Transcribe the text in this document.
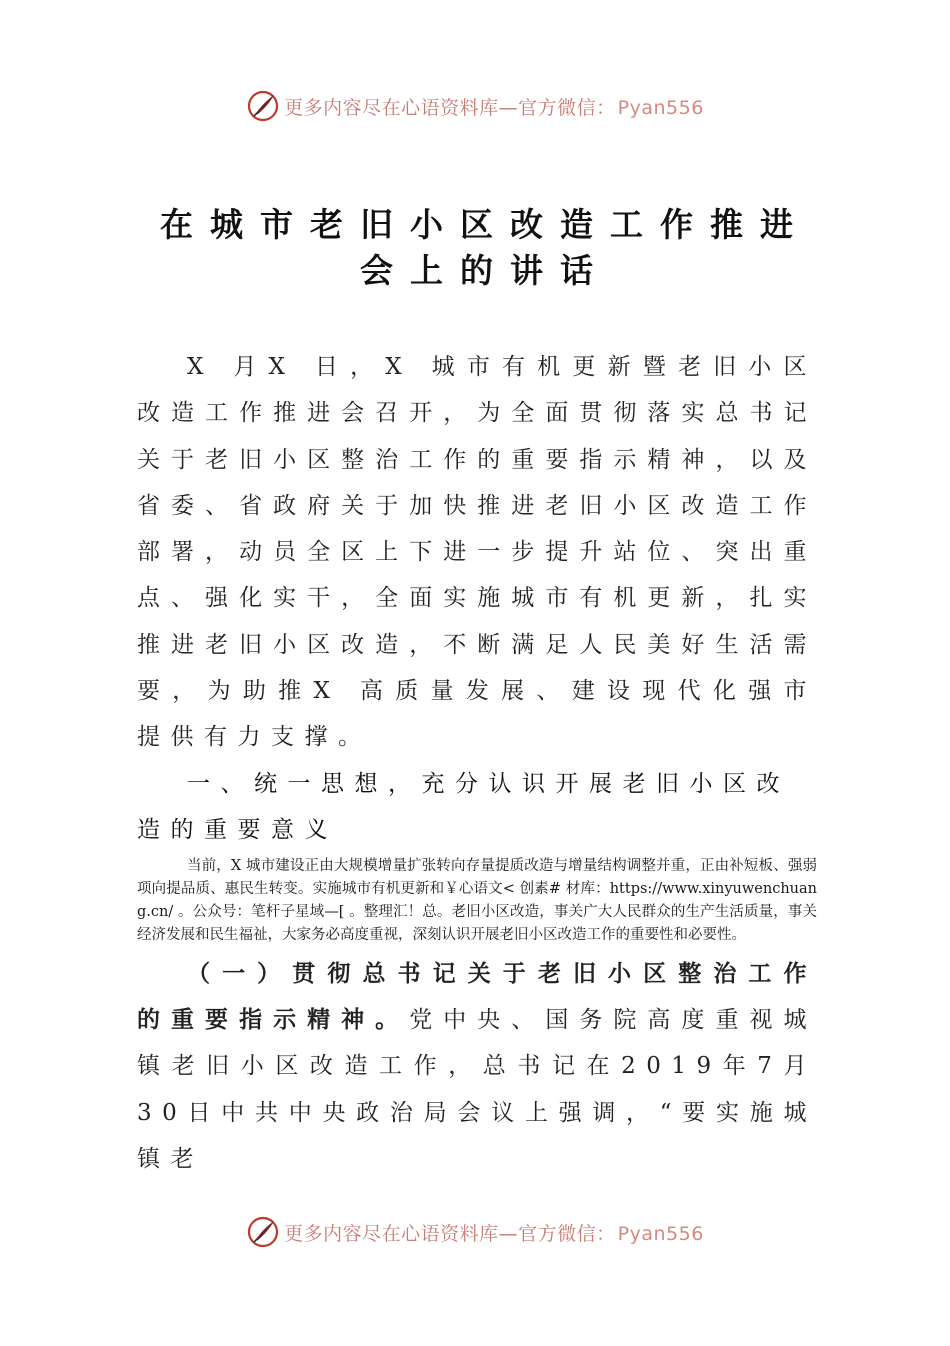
更多内容尽在心语资料库—官方微信： Pyan556
在城市老旧小区改造工作推进
会上的讲话

X 月X 日，X 城市有机更新暨老旧小区改造工作推进会召开，为全面贯彻落实总书记关于老旧小区整治工作的重要指示精神，以及省委、省政府关于加快推进老旧小区改造工作部署，动员全区上下进一步提升站位、突出重点、强化实干，全面实施城市有机更新，扎实推进老旧小区改造，不断满足人民美好生活需要，为助推X 高质量发展、建设现代化强市提供有力支撑。

一、统一思想，充分认识开展老旧小区改造的重要意义

当前，X 城市建设正由大规模增量扩张转向存量提质改造与增量结构调整并重，正由补短板、强弱项向提品质、惠民生转变。实施城市有机更新和￥心语文< 创素# 材库：https://www.xinyuwenchuang.cn/ 。公众号：笔杆子星域—[ 。整理汇！总。老旧小区改造，事关广大人民群众的生产生活质量，事关经济发展和民生福祉，大家务必高度重视，深刻认识开展老旧小区改造工作的重要性和必要性。

（一）贯彻总书记关于老旧小区整治工作的重要指示精神。党中央、国务院高度重视城镇老旧小区改造工作，总书记在2019年7月30日中共中央政治局会议上强调，“要实施城镇老

更多内容尽在心语资料库—官方微信： Pyan556
